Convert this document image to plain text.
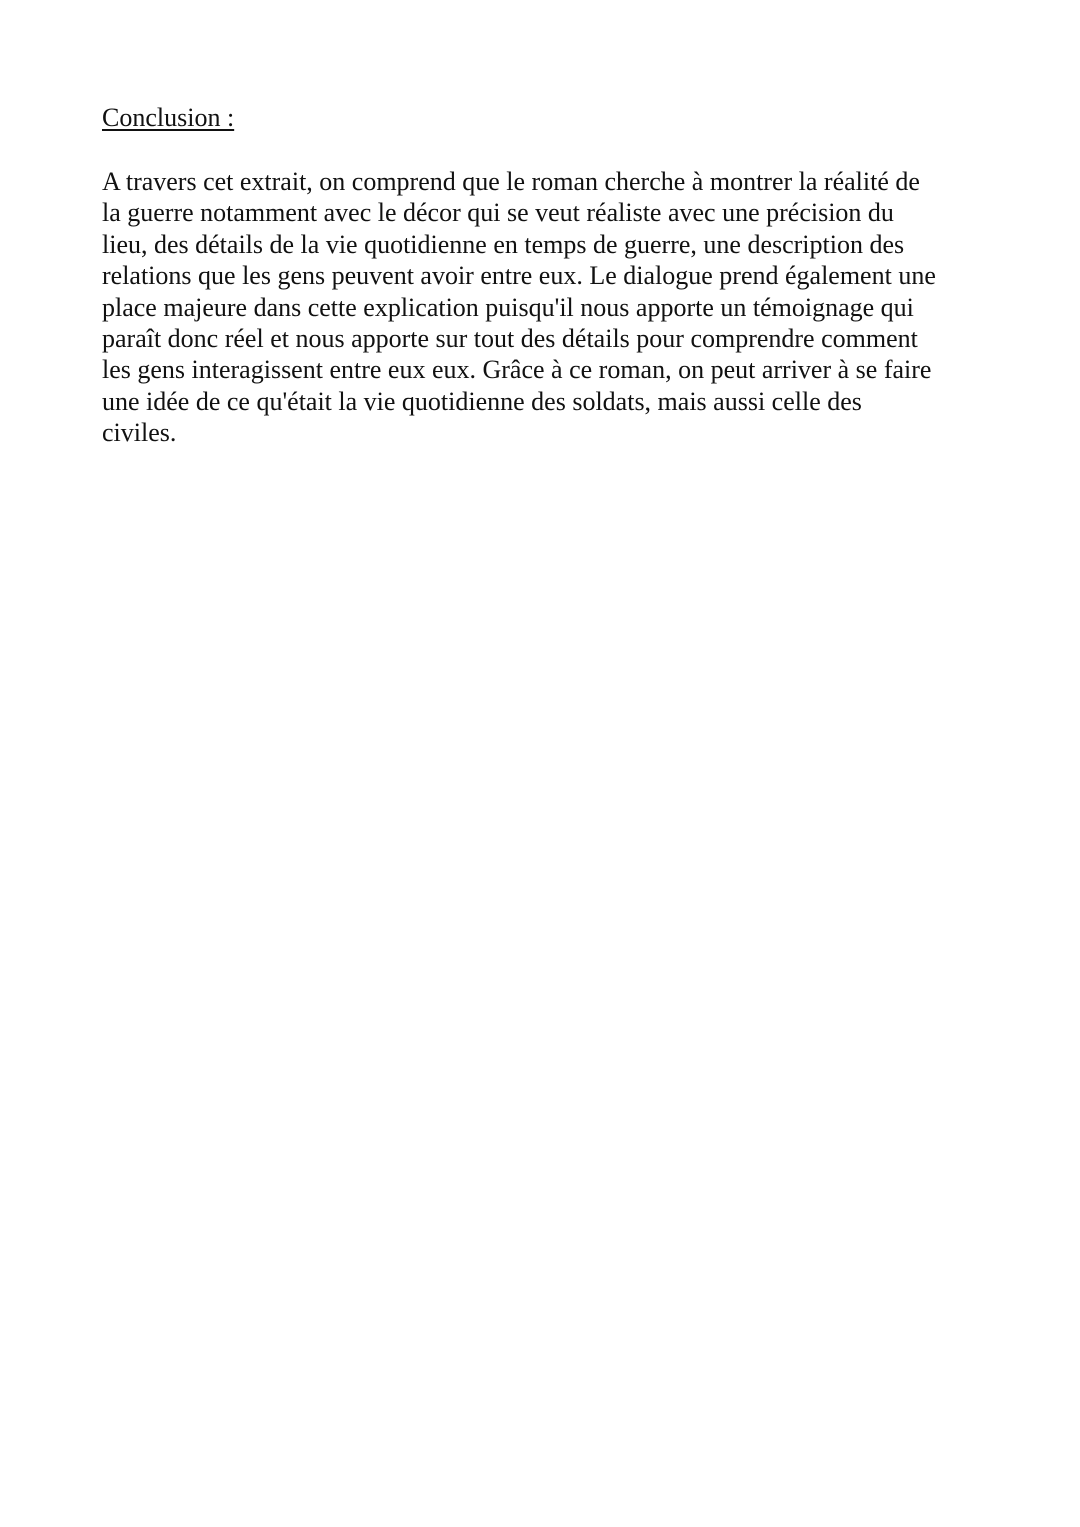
Conclusion :

A travers cet extrait, on comprend que le roman cherche à montrer la réalité de
la guerre notamment avec le décor qui se veut réaliste avec une précision du
lieu, des détails de la vie quotidienne en temps de guerre, une description des
relations que les gens peuvent avoir entre eux. Le dialogue prend également une
place majeure dans cette explication puisqu'il nous apporte un témoignage qui
paraît donc réel et nous apporte sur tout des détails pour comprendre comment
les gens interagissent entre eux eux. Grâce à ce roman, on peut arriver à se faire
une idée de ce qu'était la vie quotidienne des soldats, mais aussi celle des
civiles.
